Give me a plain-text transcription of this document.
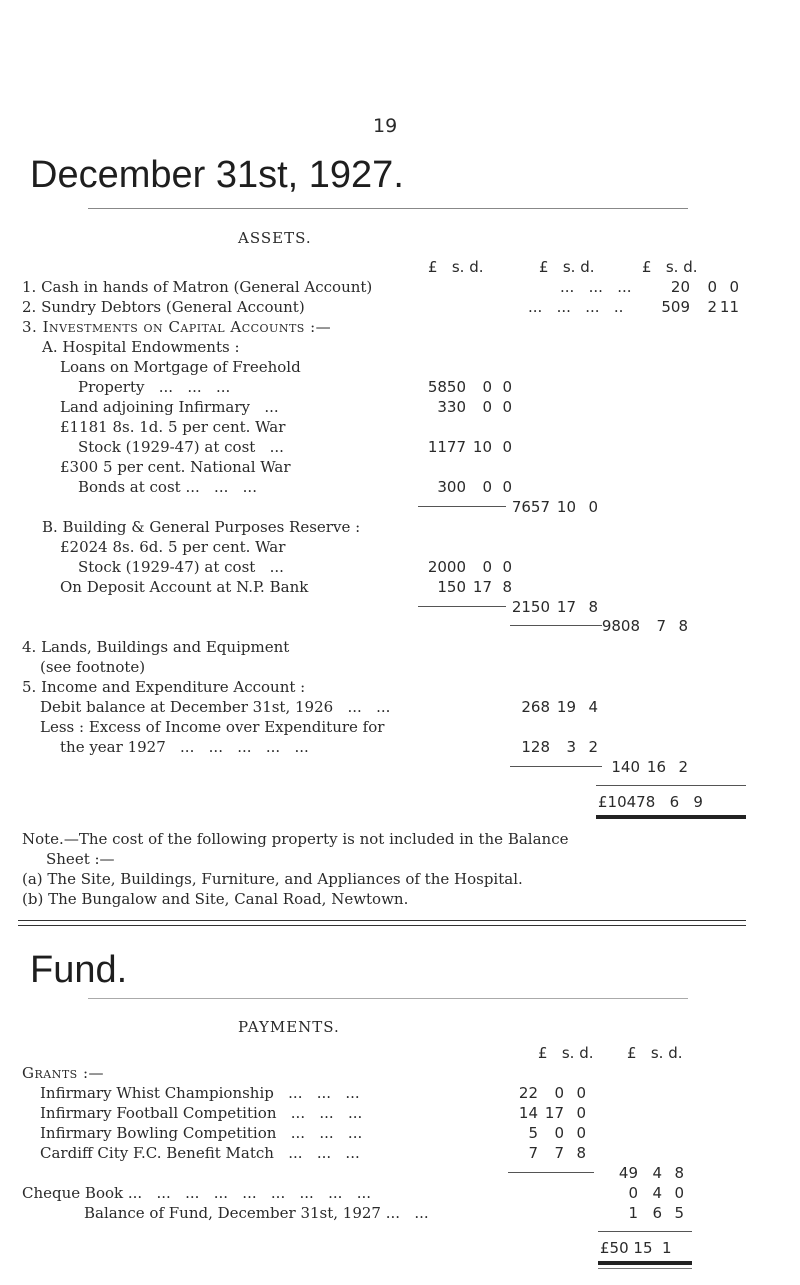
19
December 31st, 1927.
ASSETS.
£   s. d.	£   s. d.	£   s. d.
1. Cash in hands of Matron (General Account)	...   ...   ...	20	0 0
2. Sundry Debtors (General Account)	...   ...   ...   ..	509	2 11
3. Investments on Capital Accounts :—
A. Hospital Endowments :
Loans on Mortgage of Freehold
Property   ...   ...   ...	5850	0 0
Land adjoining Infirmary   ...	330	0 0
£1181 8s. 1d. 5 per cent. War
Stock (1929-47) at cost   ...	1177 10 0
£300 5 per cent. National War
Bonds at cost ...   ...   ...	300	0 0
7657 10 0
B. Building & General Purposes Reserve :
£2024 8s. 6d. 5 per cent. War
Stock (1929-47) at cost   ...	2000	0 0
On Deposit Account at N.P. Bank	150 17 8
2150 17 8
9808	7 8
4. Lands, Buildings and Equipment
(see footnote)
5. Income and Expenditure Account :
Debit balance at December 31st, 1926   ...   ...	268 19 4
Less : Excess of Income over Expenditure for
the year 1927   ...   ...   ...   ...   ...	128	3 2
140 16 2
£10478   6   9
Note.—The cost of the following property is not included in the Balance
Sheet :—
(a) The Site, Buildings, Furniture, and Appliances of the Hospital.
(b) The Bungalow and Site, Canal Road, Newtown.
Fund.
PAYMENTS.
£   s. d. £   s. d.
Grants :—
Infirmary Whist Championship   ...   ...   ...	22	0 0
Infirmary Football Competition   ...   ...   ...	14 17 0
Infirmary Bowling Competition   ...   ...   ...	5	0 0
Cardiff City F.C. Benefit Match   ...   ...   ...	7	7 8
49 4 8
Cheque Book ...   ...   ...   ...   ...   ...   ...   ...   ...	0 4 0
Balance of Fund, December 31st, 1927 ...   ...	1 6 5
£50 15  1
